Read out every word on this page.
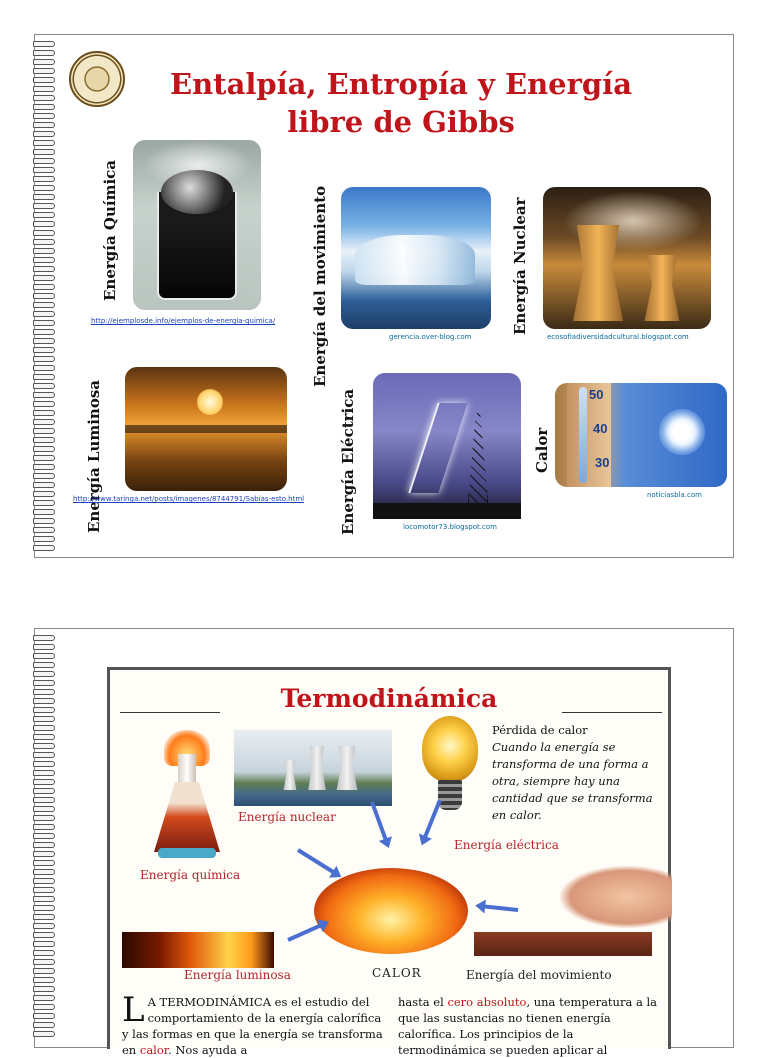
Entalpía, Entropía y Energía
libre de Gibbs
Energía Química
http://ejemplosde.info/ejemplos-de-energia-quimica/ Energía del movimiento	gerencia.over-blog.com
Energía Nuclear
ecosofiadiversidadcultural.blogspot.com
Energía Luminosa
http://www.taringa.net/posts/imagenes/8744791/Sabias-esto.html Energía Eléctrica	locomotor73.blogspot.com
Calor
50
40
30
noticiasbla.com
Termodinámica
Energía nuclear
Pérdida de calor
Cuando la energía se transforma de una forma a otra, siempre hay una cantidad que se transforma en calor.
Energía eléctrica
Energía química
Energía luminosa	CALOR	Energía del movimiento
L A TERMODINÁMICA es el estudio del comportamiento de la energía calorífica y las formas en que la energía se transforma en calor. Nos ayuda a
hasta el cero absoluto, una temperatura a la que las sustancias no tienen energía calorífica. Los principios de la termodinámica se pueden aplicar al
